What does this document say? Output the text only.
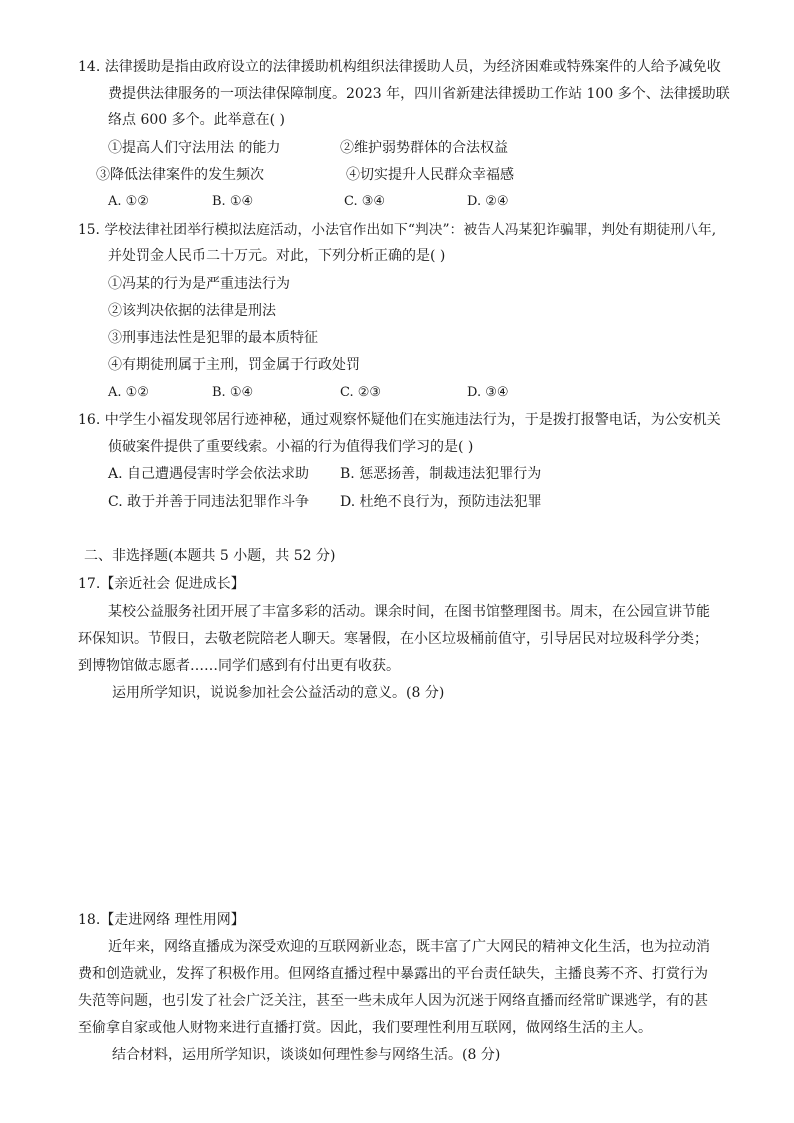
14. 法律援助是指由政府设立的法律援助机构组织法律援助人员，为经济困难或特殊案件的人给予减免收
费提供法律服务的一项法律保障制度。2023 年，四川省新建法律援助工作站 100 多个、法律援助联
络点 600 多个。此举意在( )
①提高人们守法用法 的能力	②维护弱势群体的合法权益
③降低法律案件的发生频次	④切实提升人民群众幸福感
A. ①②	B. ①④	C. ③④	D. ②④
15. 学校法律社团举行模拟法庭活动，小法官作出如下“判决”：被告人冯某犯诈骗罪，判处有期徒刑八年,
并处罚金人民币二十万元。对此，下列分析正确的是( )
①冯某的行为是严重违法行为
②该判决依据的法律是刑法
③刑事违法性是犯罪的最本质特征
④有期徒刑属于主刑，罚金属于行政处罚
A. ①②	B. ①④	C. ②③	D. ③④
16. 中学生小福发现邻居行迹神秘，通过观察怀疑他们在实施违法行为，于是拨打报警电话，为公安机关
侦破案件提供了重要线索。小福的行为值得我们学习的是( )
A. 自己遭遇侵害时学会依法求助 B. 惩恶扬善，制裁违法犯罪行为
C. 敢于并善于同违法犯罪作斗争 D. 杜绝不良行为，预防违法犯罪
二、非选择题(本题共 5 小题，共 52 分)
17.【亲近社会 促进成长】
某校公益服务社团开展了丰富多彩的活动。课余时间，在图书馆整理图书。周末，在公园宣讲节能
环保知识。节假日，去敬老院陪老人聊天。寒暑假，在小区垃圾桶前值守，引导居民对垃圾科学分类；
到博物馆做志愿者……同学们感到有付出更有收获。
运用所学知识，说说参加社会公益活动的意义。(8 分)
18.【走进网络 理性用网】
近年来，网络直播成为深受欢迎的互联网新业态，既丰富了广大网民的精神文化生活，也为拉动消
费和创造就业，发挥了积极作用。但网络直播过程中暴露出的平台责任缺失，主播良莠不齐、打赏行为
失范等问题，也引发了社会广泛关注，甚至一些未成年人因为沉迷于网络直播而经常旷课逃学，有的甚
至偷拿自家或他人财物来进行直播打赏。因此，我们要理性利用互联网，做网络生活的主人。
结合材料，运用所学知识，谈谈如何理性参与网络生活。(8 分)
